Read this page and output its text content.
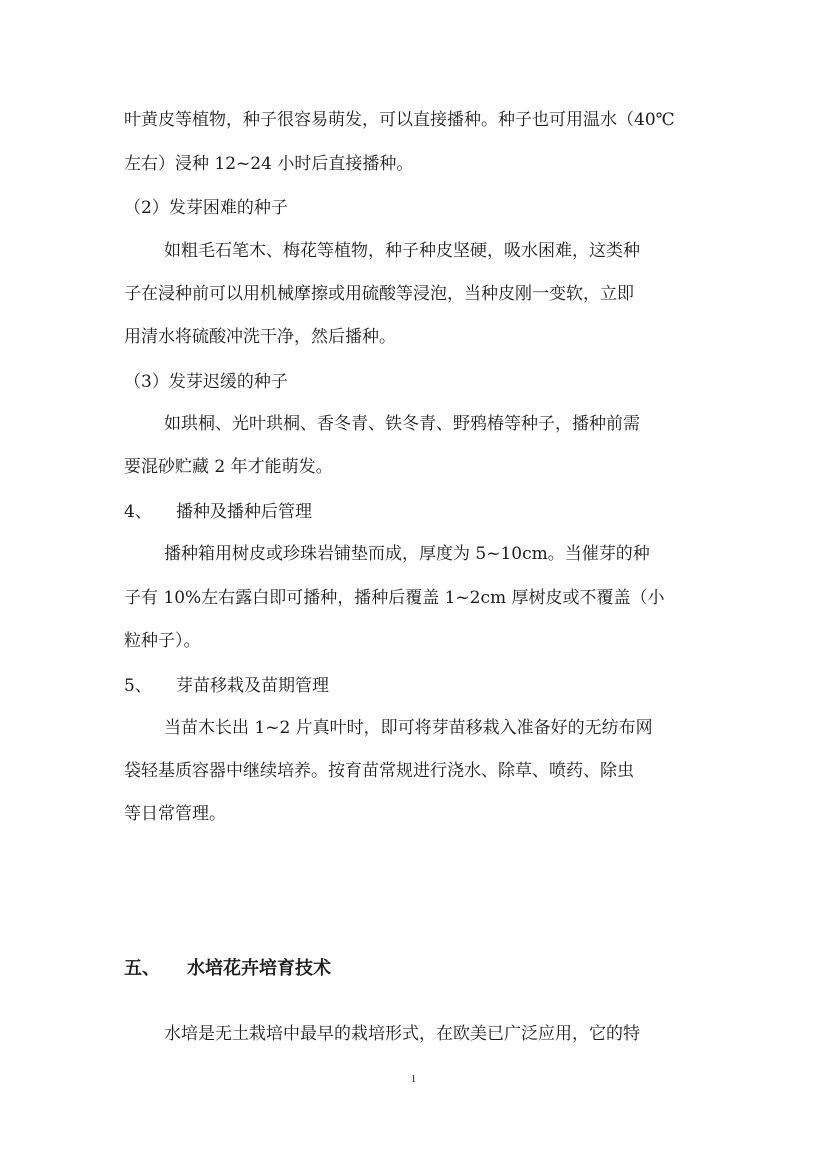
叶黄皮等植物，种子很容易萌发，可以直接播种。种子也可用温水（40℃
左右）浸种 12~24 小时后直接播种。
（2）发芽困难的种子
如粗毛石笔木、梅花等植物，种子种皮坚硬，吸水困难，这类种
子在浸种前可以用机械摩擦或用硫酸等浸泡，当种皮刚一变软，立即
用清水将硫酸冲洗干净，然后播种。
（3）发芽迟缓的种子
如珙桐、光叶珙桐、香冬青、铁冬青、野鸦椿等种子，播种前需
要混砂贮藏 2 年才能萌发。
4、 播种及播种后管理
播种箱用树皮或珍珠岩铺垫而成，厚度为 5~10cm。当催芽的种
子有 10%左右露白即可播种，播种后覆盖 1~2cm 厚树皮或不覆盖（小
粒种子）。
5、 芽苗移栽及苗期管理
当苗木长出 1~2 片真叶时，即可将芽苗移栽入准备好的无纺布网
袋轻基质容器中继续培养。按育苗常规进行浇水、除草、喷药、除虫
等日常管理。
五、 水培花卉培育技术
水培是无土栽培中最早的栽培形式，在欧美已广泛应用，它的特
1
